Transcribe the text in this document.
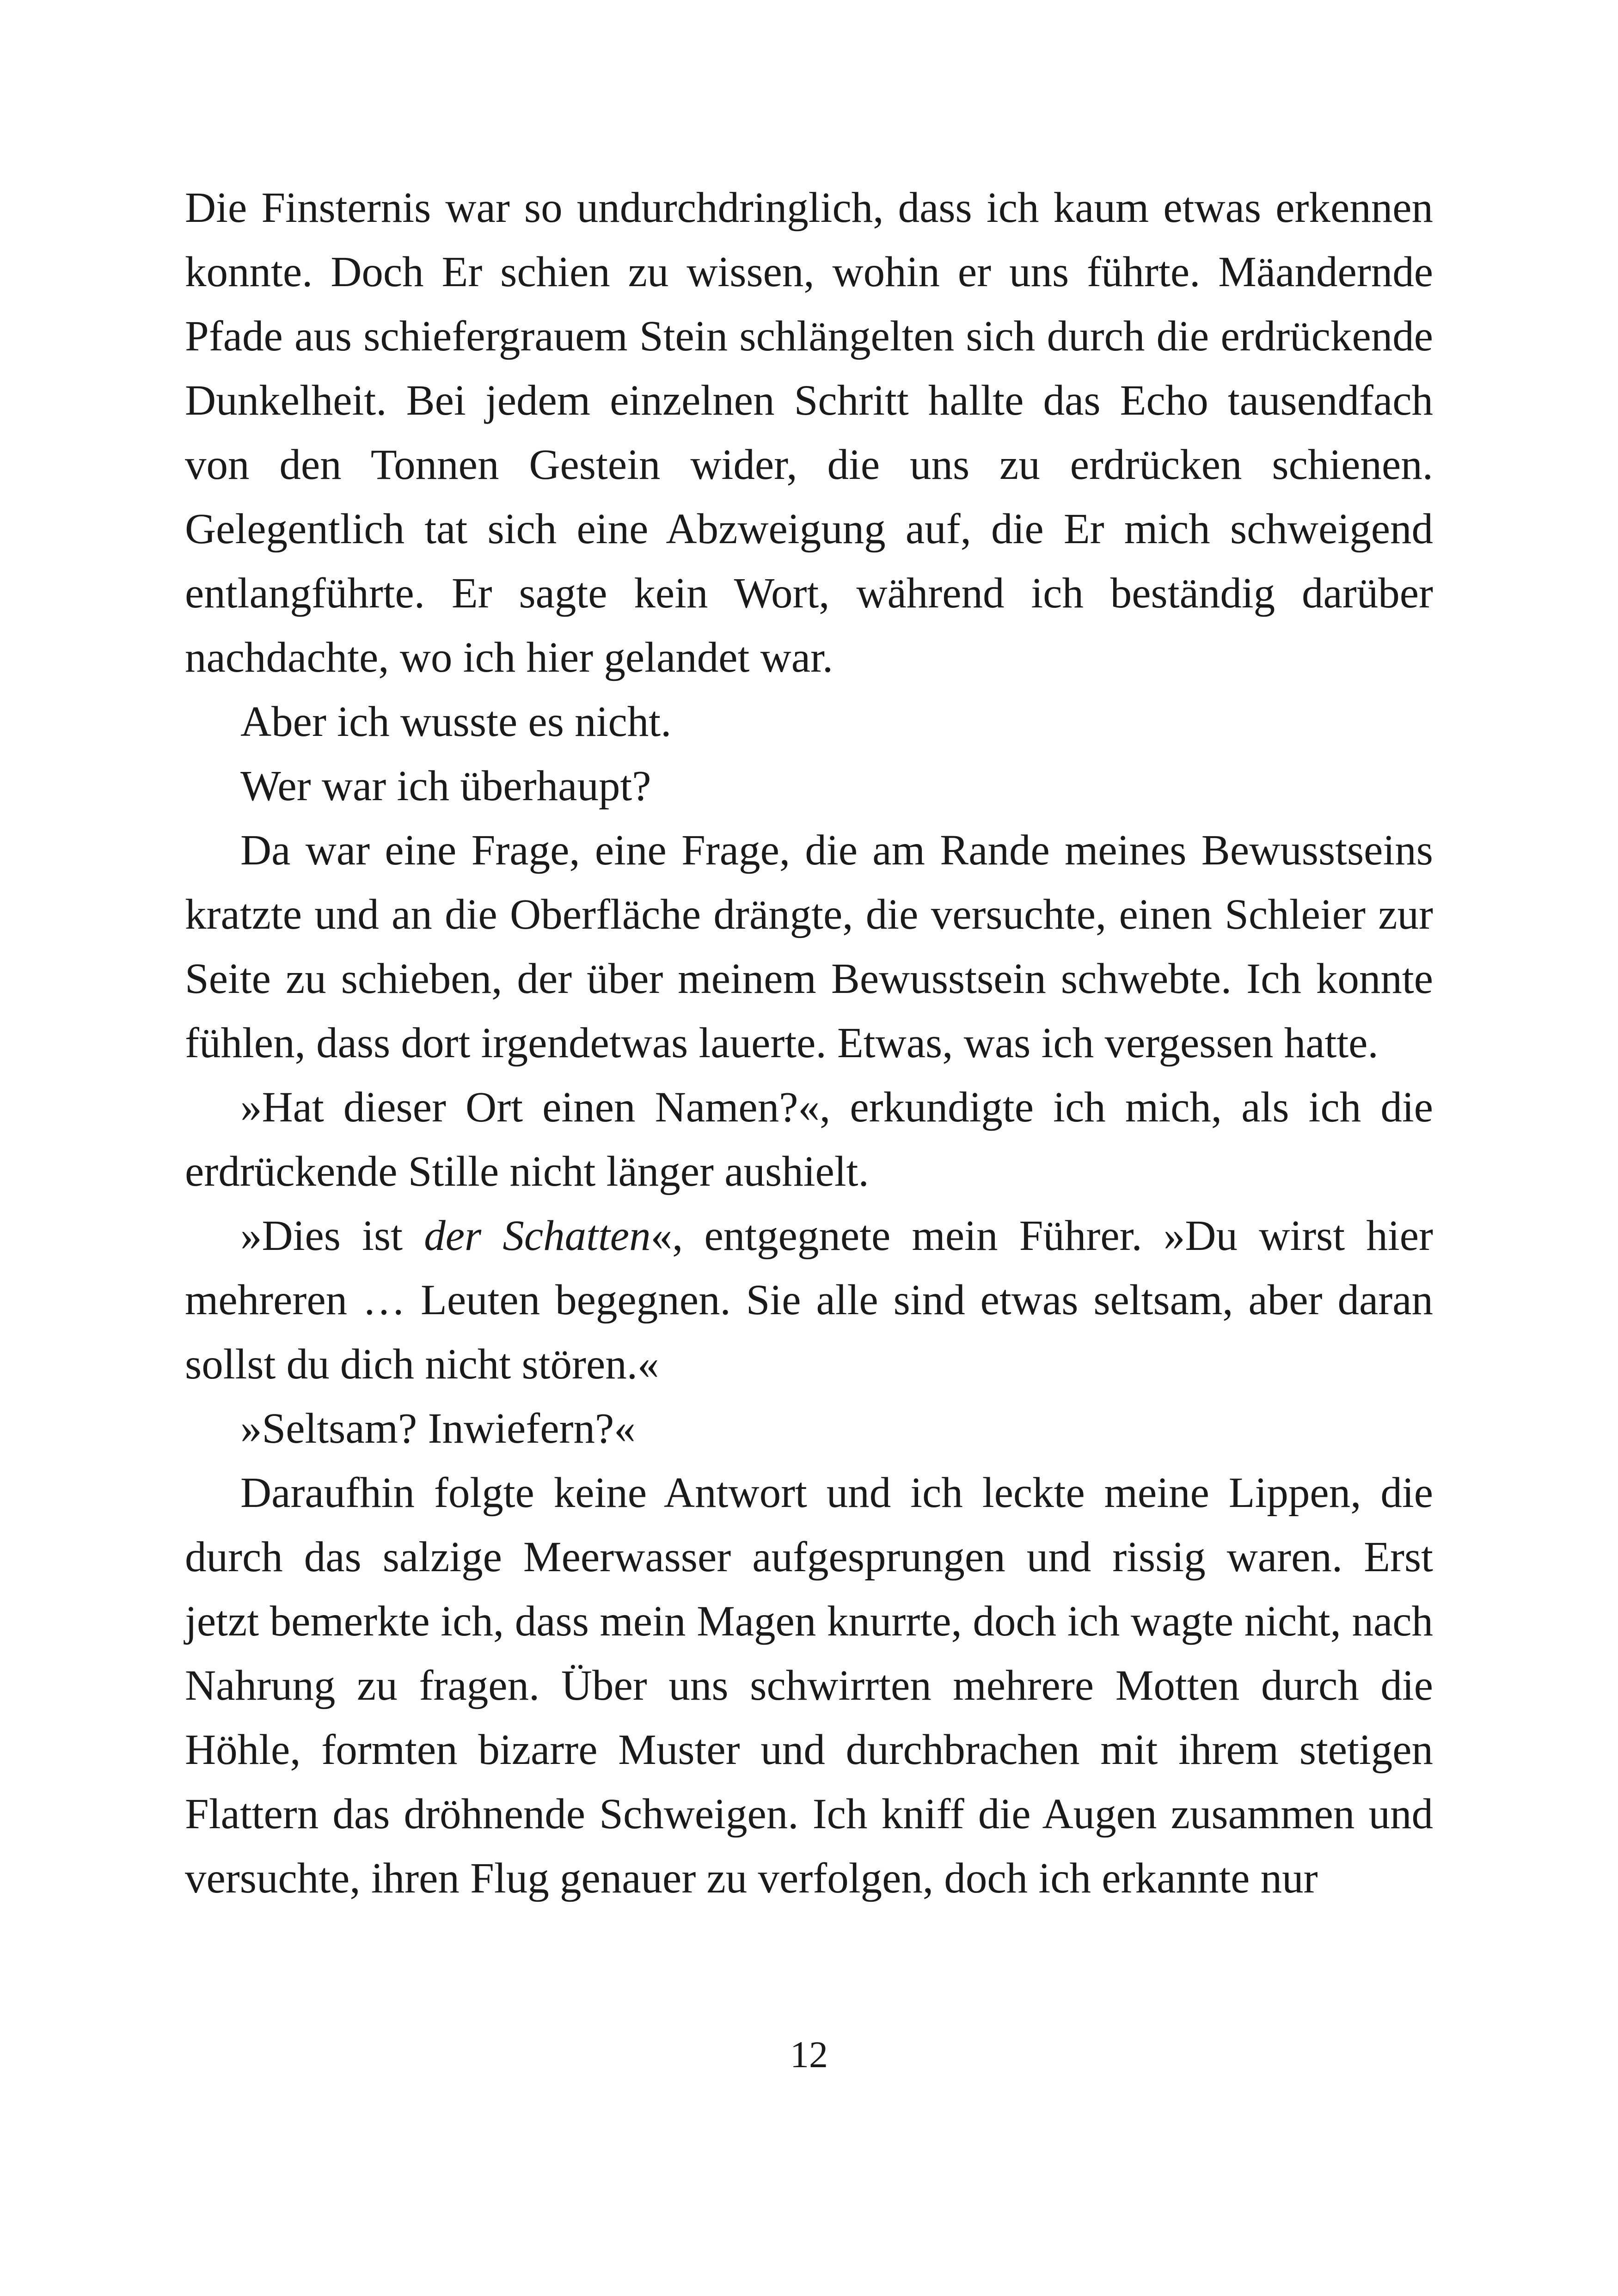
Die Finsternis war so undurchdringlich, dass ich kaum etwas erkennen konnte. Doch Er schien zu wissen, wohin er uns führte. Mäandernde Pfade aus schiefergrauem Stein schlängelten sich durch die erdrückende Dunkelheit. Bei jedem einzelnen Schritt hallte das Echo tausendfach von den Tonnen Gestein wider, die uns zu erdrücken schienen. Gelegentlich tat sich eine Abzweigung auf, die Er mich schweigend entlangführte. Er sagte kein Wort, während ich beständig darüber nachdachte, wo ich hier gelandet war.

Aber ich wusste es nicht.

Wer war ich überhaupt?

Da war eine Frage, eine Frage, die am Rande meines Bewusstseins kratzte und an die Oberfläche drängte, die versuchte, einen Schleier zur Seite zu schieben, der über meinem Bewusstsein schwebte. Ich konnte fühlen, dass dort irgendetwas lauerte. Etwas, was ich vergessen hatte.

»Hat dieser Ort einen Namen?«, erkundigte ich mich, als ich die erdrückende Stille nicht länger aushielt.

»Dies ist der Schatten«, entgegnete mein Führer. »Du wirst hier mehreren … Leuten begegnen. Sie alle sind etwas seltsam, aber daran sollst du dich nicht stören.«

»Seltsam? Inwiefern?«

Daraufhin folgte keine Antwort und ich leckte meine Lippen, die durch das salzige Meerwasser aufgesprungen und rissig waren. Erst jetzt bemerkte ich, dass mein Magen knurrte, doch ich wagte nicht, nach Nahrung zu fragen. Über uns schwirrten mehrere Motten durch die Höhle, formten bizarre Muster und durchbrachen mit ihrem stetigen Flattern das dröhnende Schweigen. Ich kniff die Augen zusammen und versuchte, ihren Flug genauer zu verfolgen, doch ich erkannte nur

12
